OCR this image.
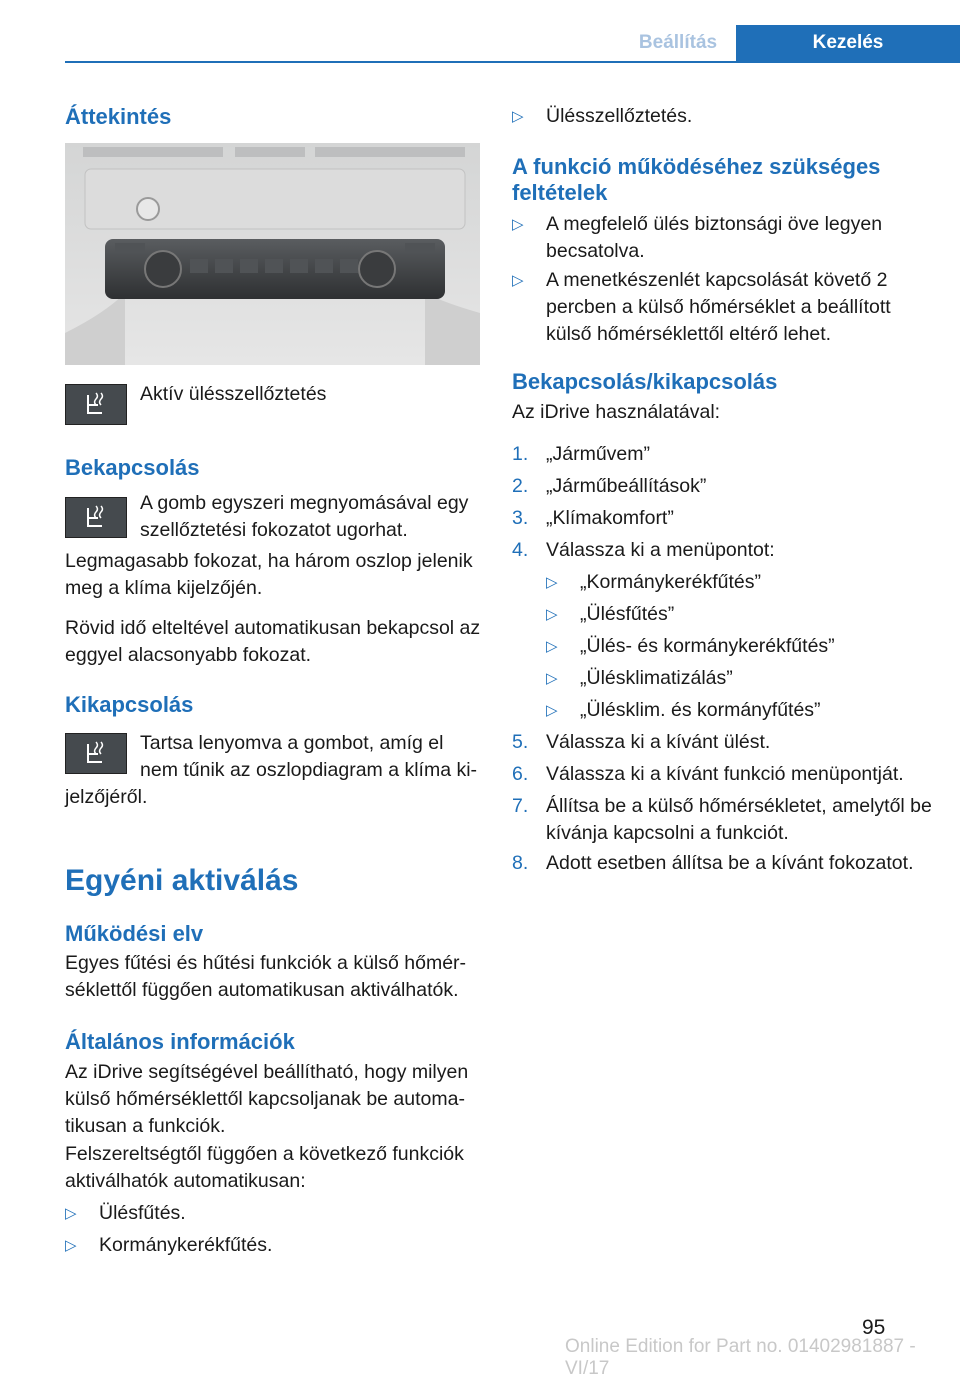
Beállítás	Kezelés
Áttekintés
Aktív ülésszellőztetés
Bekapcsolás
A gomb egyszeri megnyomásával egy szellőztetési fokozatot ugorhat.
Legmagasabb fokozat, ha három oszlop jelenik meg a klíma kijelzőjén.
Rövid idő elteltével automatikusan bekapcsol az eggyel alacsonyabb fokozat.
Kikapcsolás
Tartsa lenyomva a gombot, amíg el nem tűnik az oszlopdiagram a klíma ki-
jelzőjéről.
Egyéni aktiválás
Működési elv
Egyes fűtési és hűtési funkciók a külső hőmérséklettől függően automatikusan aktiválhatók.
Általános információk
Az iDrive segítségével beállítható, hogy milyen külső hőmérséklettől kapcsoljanak be automatikusan a funkciók.
Felszereltségtől függően a következő funkciók aktiválhatók automatikusan:
▷ Ülésfűtés.
▷ Kormánykerékfűtés.
▷ Ülésszellőztetés.
A funkció működéséhez szükséges feltételek
▷ A megfelelő ülés biztonsági öve legyen becsatolva.
▷ A menetkészenlét kapcsolását követő 2 percben a külső hőmérséklet a beállított külső hőmérséklettől eltérő lehet.
Bekapcsolás/kikapcsolás
Az iDrive használatával:
1. „Járművem”
2. „Járműbeállítások”
3. „Klímakomfort”
4. Válassza ki a menüpontot:
▷ „Kormánykerékfűtés”
▷ „Ülésfűtés”
▷ „Ülés- és kormánykerékfűtés”
▷ „Ülésklimatizálás”
▷ „Ülésklim. és kormányfűtés”
5. Válassza ki a kívánt ülést.
6. Válassza ki a kívánt funkció menüpontját.
7. Állítsa be a külső hőmérsékletet, amelytől be kívánja kapcsolni a funkciót.
8. Adott esetben állítsa be a kívánt fokozatot.
95
Online Edition for Part no. 01402981887 - VI/17
